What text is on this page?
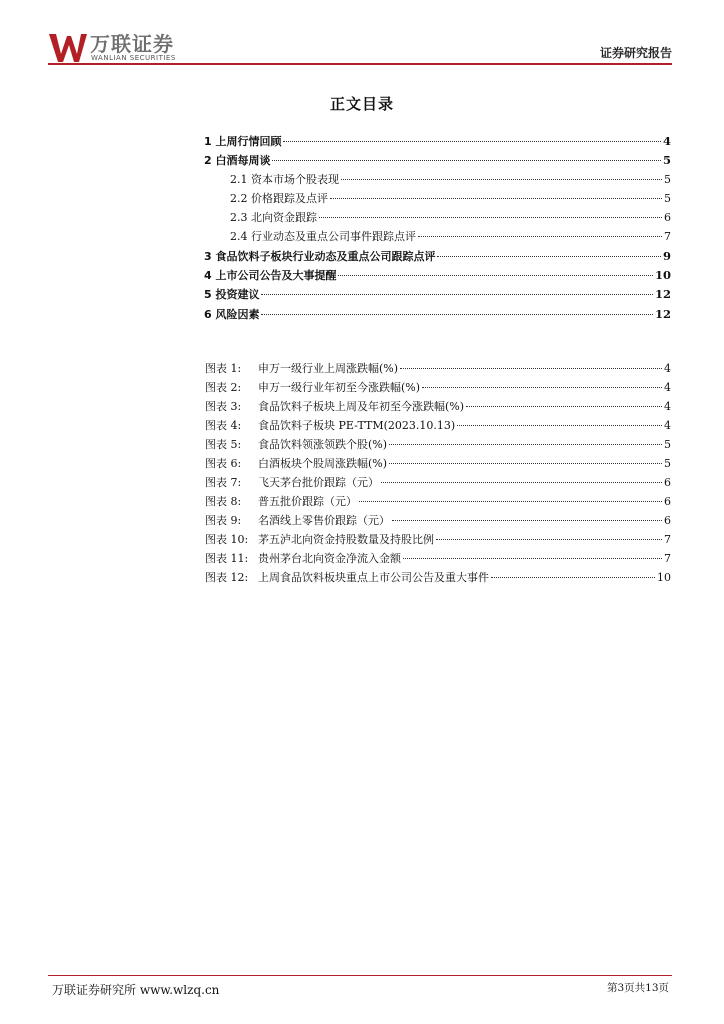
万联证券
WANLIAN SECURITIES	证券研究报告
正文目录
1 上周行情回顾	4
2 白酒每周谈	5
2.1 资本市场个股表现	5
2.2 价格跟踪及点评	5
2.3 北向资金跟踪	6
2.4 行业动态及重点公司事件跟踪点评	7
3 食品饮料子板块行业动态及重点公司跟踪点评	9
4 上市公司公告及大事提醒	10
5 投资建议	12
6 风险因素	12
图表 1: 申万一级行业上周涨跌幅(%)	4
图表 2: 申万一级行业年初至今涨跌幅(%)	4
图表 3: 食品饮料子板块上周及年初至今涨跌幅(%)	4
图表 4: 食品饮料子板块 PE-TTM(2023.10.13)	4
图表 5: 食品饮料领涨领跌个股(%)	5
图表 6: 白酒板块个股周涨跌幅(%)	5
图表 7: 飞天茅台批价跟踪（元）	6
图表 8: 普五批价跟踪（元）	6
图表 9: 名酒线上零售价跟踪（元）	6
图表 10: 茅五泸北向资金持股数量及持股比例	7
图表 11: 贵州茅台北向资金净流入金额	7
图表 12: 上周食品饮料板块重点上市公司公告及重大事件	10
万联证券研究所 www.wlzq.cn	第3页共13页
